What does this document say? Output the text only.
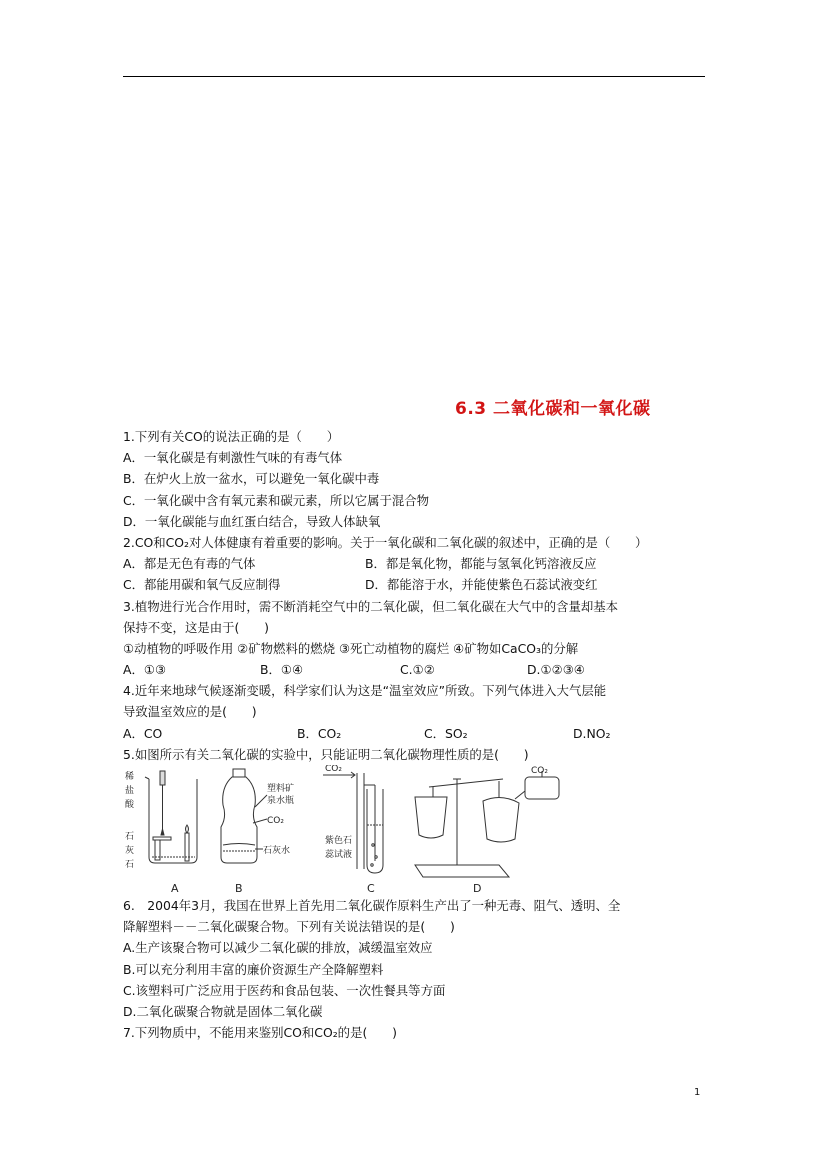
6.3 二氧化碳和一氧化碳
1.下列有关CO的说法正确的是（　　）
A．一氧化碳是有刺激性气味的有毒气体
B．在炉火上放一盆水，可以避免一氧化碳中毒
C．一氧化碳中含有氧元素和碳元素，所以它属于混合物
D．一氧化碳能与血红蛋白结合，导致人体缺氧
2.CO和CO₂对人体健康有着重要的影响。关于一氧化碳和二氧化碳的叙述中，正确的是（　　）
A．都是无色有毒的气体	B．都是氧化物，都能与氢氧化钙溶液反应
C．都能用碳和氧气反应制得	D．都能溶于水，并能使紫色石蕊试液变红
3.植物进行光合作用时，需不断消耗空气中的二氧化碳，但二氧化碳在大气中的含量却基本
保持不变，这是由于(　　)
①动植物的呼吸作用 ②矿物燃料的燃烧 ③死亡动植物的腐烂 ④矿物如CaCO₃的分解
A．①③	B．①④	C.①②	D.①②③④
4.近年来地球气候逐渐变暖，科学家们认为这是“温室效应”所致。下列气体进入大气层能
导致温室效应的是(　　)
A．CO	B．CO₂	C．SO₂	D.NO₂
5.如图所示有关二氧化碳的实验中，只能证明二氧化碳物理性质的是(　　)
稀
盐
酸
石
灰
石
A
塑料矿
泉水瓶
CO₂
石灰水
B
CO₂
紫色石
蕊试液
C
CO₂
D
6.　2004年3月，我国在世界上首先用二氧化碳作原料生产出了一种无毒、阻气、透明、全
降解塑料－－二氧化碳聚合物。下列有关说法错误的是(　　)
A.生产该聚合物可以减少二氧化碳的排放，减缓温室效应
B.可以充分利用丰富的廉价资源生产全降解塑料
C.该塑料可广泛应用于医药和食品包装、一次性餐具等方面
D.二氧化碳聚合物就是固体二氧化碳
7.下列物质中，不能用来鉴别CO和CO₂的是(　　)
1
